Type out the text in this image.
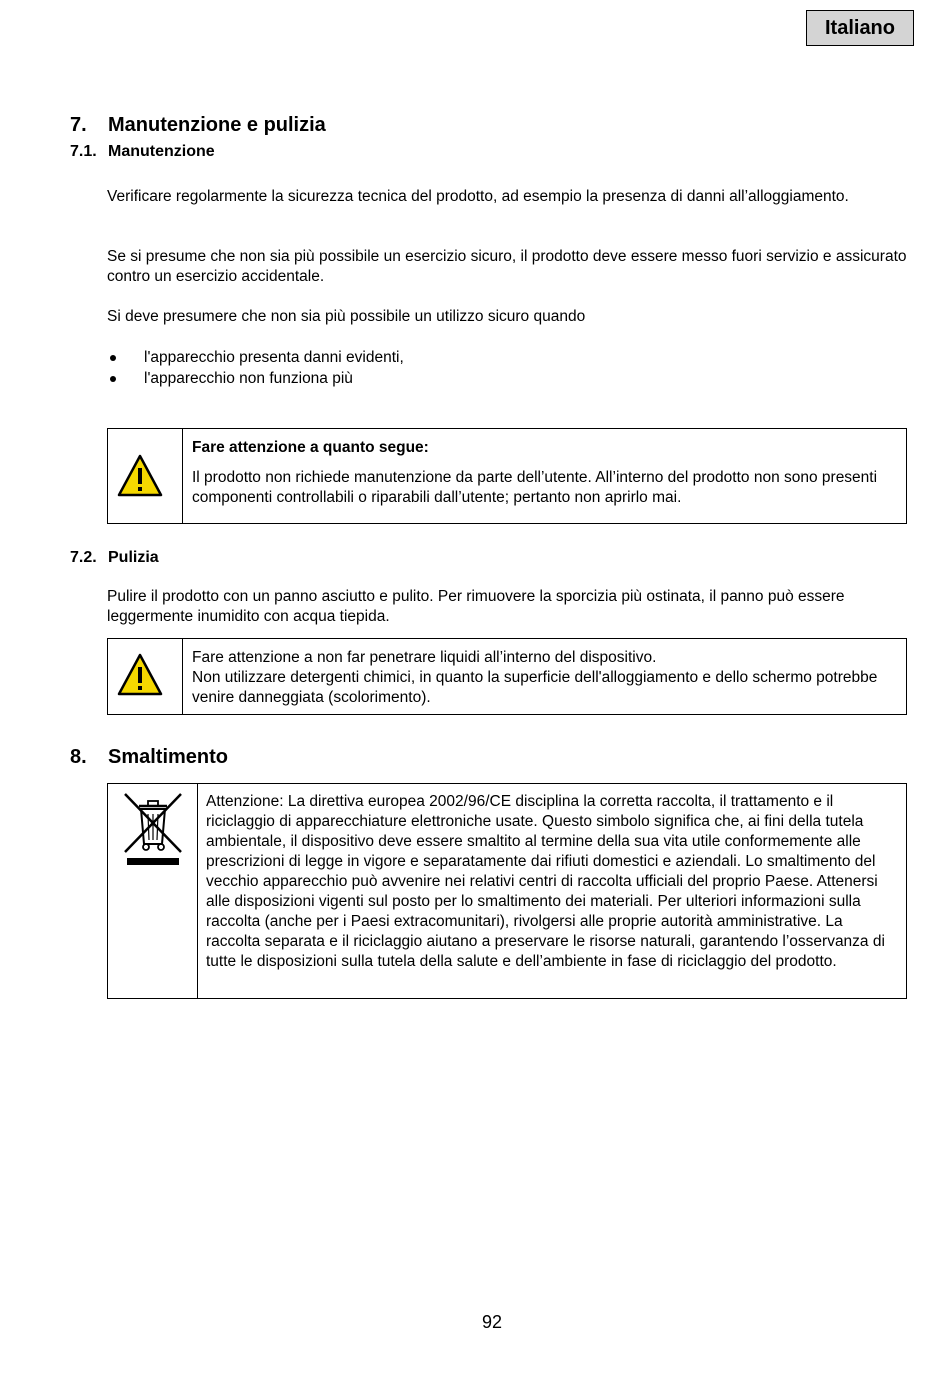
Italiano
7. Manutenzione e pulizia
7.1. Manutenzione

Verificare regolarmente la sicurezza tecnica del prodotto, ad esempio la presenza di danni all’alloggiamento.

Se si presume che non sia più possibile un esercizio sicuro, il prodotto deve essere messo fuori servizio e assicurato contro un esercizio accidentale.

Si deve presumere che non sia più possibile un utilizzo sicuro quando

l'apparecchio presenta danni evidenti,
l'apparecchio non funziona più

Fare attenzione a quanto segue:

Il prodotto non richiede manutenzione da parte dell’utente. All’interno del prodotto non sono presenti componenti controllabili o riparabili dall’utente; pertanto non aprirlo mai.

7.2. Pulizia

Pulire il prodotto con un panno asciutto e pulito. Per rimuovere la sporcizia più ostinata, il panno può essere leggermente inumidito con acqua tiepida.

Fare attenzione a non far penetrare liquidi all’interno del dispositivo.

Non utilizzare detergenti chimici, in quanto la superficie dell'alloggiamento e dello schermo potrebbe venire danneggiata (scolorimento).

8. Smaltimento

Attenzione: La direttiva europea 2002/96/CE disciplina la corretta raccolta, il trattamento e il riciclaggio di apparecchiature elettroniche usate. Questo simbolo significa che, ai fini della tutela ambientale, il dispositivo deve essere smaltito al termine della sua vita utile conformemente alle prescrizioni di legge in vigore e separatamente dai rifiuti domestici e aziendali. Lo smaltimento del vecchio apparecchio può avvenire nei relativi centri di raccolta ufficiali del proprio Paese. Attenersi alle disposizioni vigenti sul posto per lo smaltimento dei materiali. Per ulteriori informazioni sulla raccolta (anche per i Paesi extracomunitari), rivolgersi alle proprie autorità amministrative. La raccolta separata e il riciclaggio aiutano a preservare le risorse naturali, garantendo l’osservanza di tutte le disposizioni sulla tutela della salute e dell’ambiente in fase di riciclaggio del prodotto.

92
